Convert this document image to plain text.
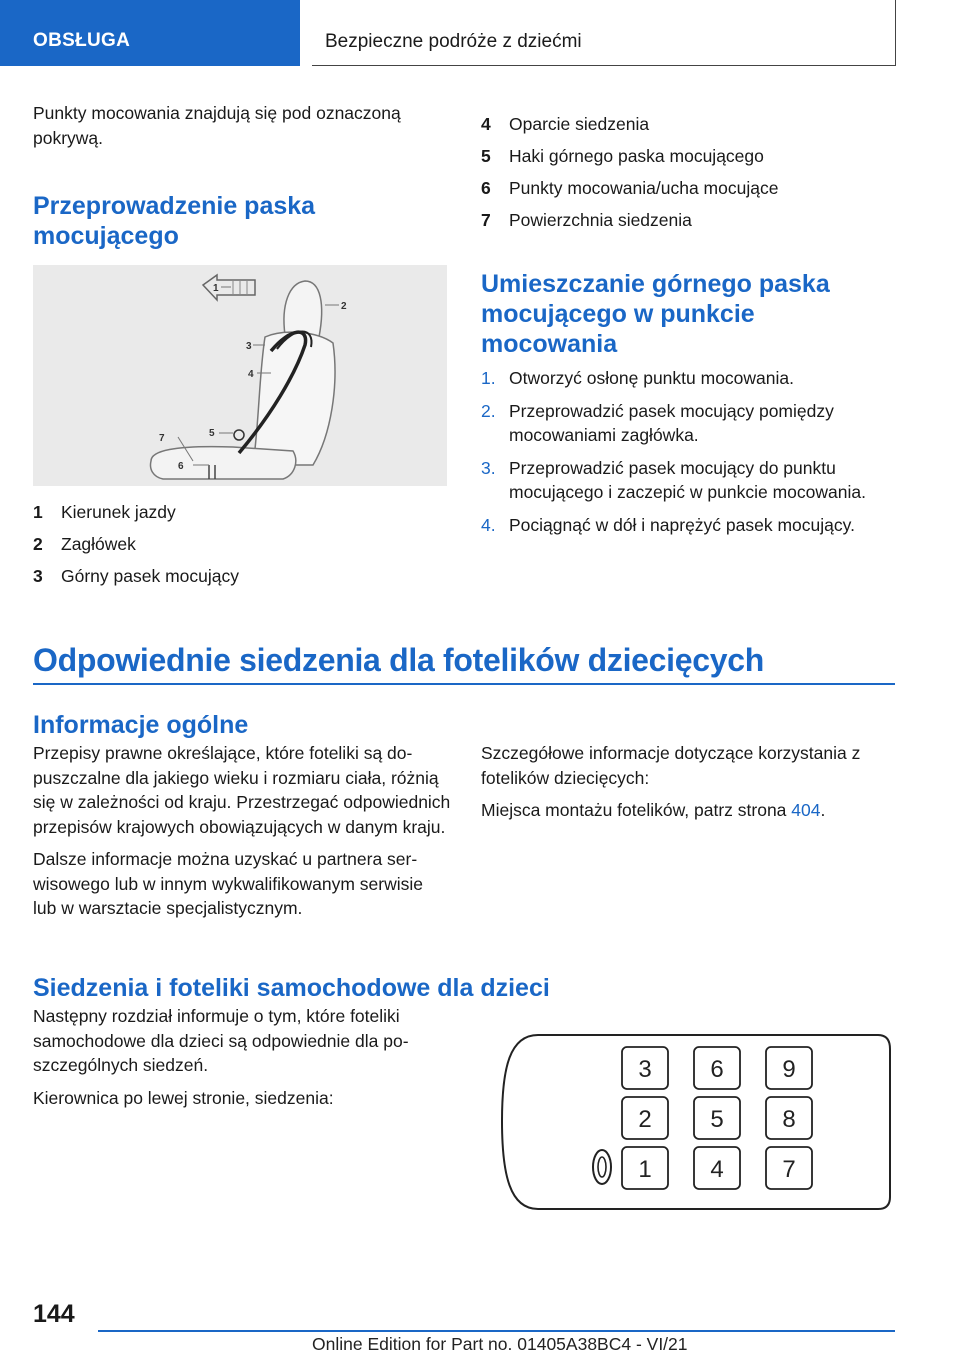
OBSŁUGA	Bezpieczne podróże z dziećmi

Punkty mocowania znajdują się pod oznaczoną pokrywą.

Przeprowadzenie paska mocującego
1
2
3
4
5
6
7
1	Kierunek jazdy
2	Zagłówek
3	Górny pasek mocujący
4	Oparcie siedzenia
5	Haki górnego paska mocującego
6	Punkty mocowania/ucha mocujące
7	Powierzchnia siedzenia
Umieszczanie górnego paska mocującego w punkcie mocowania
1. Otworzyć osłonę punktu mocowania.
2. Przeprowadzić pasek mocujący pomiędzy mocowaniami zagłówka.
3. Przeprowadzić pasek mocujący do punktu mocującego i zaczepić w punkcie mocowania.
4. Pociągnąć w dół i naprężyć pasek mocujący.
Odpowiednie siedzenia dla fotelików dziecięcych
Informacje ogólne

Przepisy prawne określające, które foteliki są dopuszczalne dla jakiego wieku i rozmiaru ciała, różnią się w zależności od kraju. Przestrzegać odpowiednich przepisów krajowych obowiązujących w danym kraju.

Dalsze informacje można uzyskać u partnera serwisowego lub w innym wykwalifikowanym serwisie lub w warsztacie specjalistycznym.

Szczegółowe informacje dotyczące korzystania z fotelików dziecięcych:

Miejsca montażu fotelików, patrz strona 404.

Siedzenia i foteliki samochodowe dla dzieci

Następny rozdział informuje o tym, które foteliki samochodowe dla dzieci są odpowiednie dla poszczególnych siedzeń.

Kierownica po lewej stronie, siedzenia:

3 6 9
2 5 8
1 4 7
144
Online Edition for Part no. 01405A38BC4 - VI/21
